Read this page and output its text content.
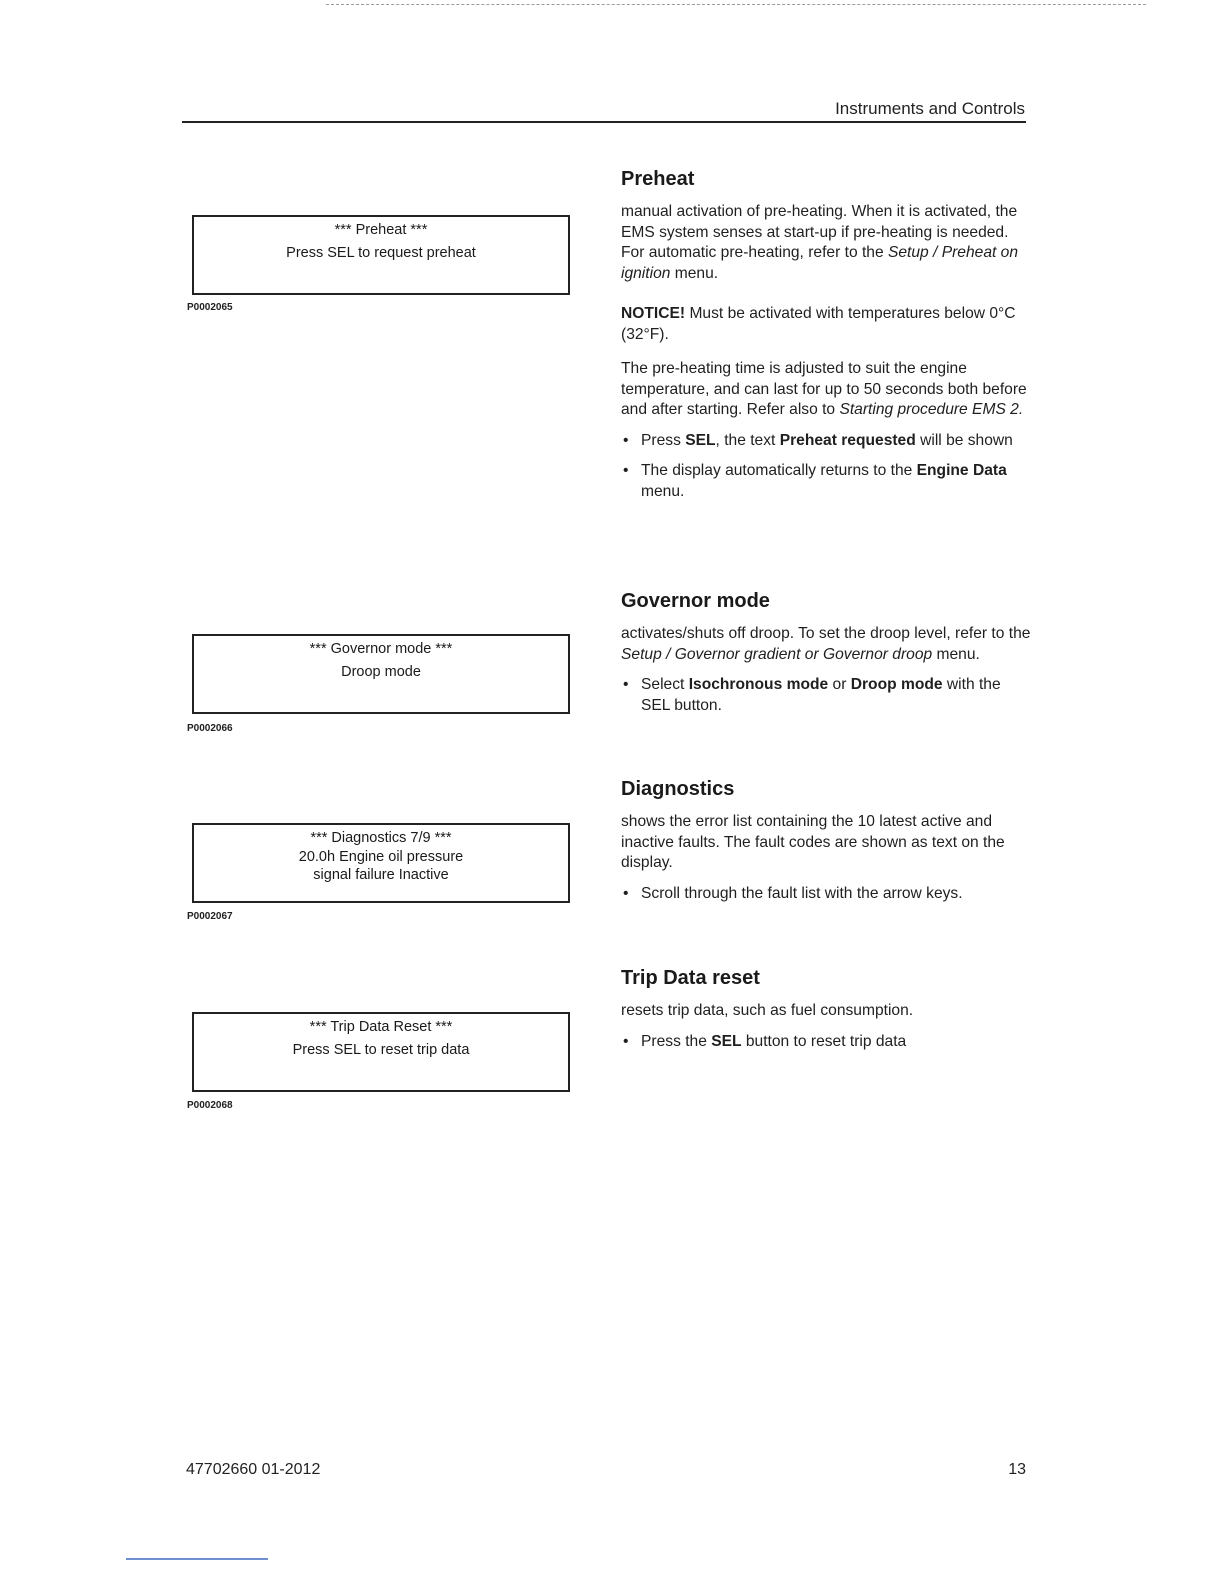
Instruments and Controls
*** Preheat ***
Press SEL to request preheat
P0002065
*** Governor mode ***
Droop mode
P0002066
*** Diagnostics 7/9 ***
20.0h Engine oil pressure
signal failure Inactive
P0002067
*** Trip Data Reset ***
Press SEL to reset trip data
P0002068
Preheat

manual activation of pre-heating. When it is activated, the EMS system senses at start-up if pre-heating is needed. For automatic pre-heating, refer to the Setup / Preheat on ignition menu.

NOTICE! Must be activated with temperatures below 0°C (32°F).

The pre-heating time is adjusted to suit the engine temperature, and can last for up to 50 seconds both before and after starting. Refer also to Starting procedure EMS 2.

• Press SEL, the text Preheat requested will be shown
• The display automatically returns to the Engine Data menu.
Governor mode

activates/shuts off droop. To set the droop level, refer to the Setup / Governor gradient or Governor droop menu.

• Select Isochronous mode or Droop mode with the SEL button.
Diagnostics

shows the error list containing the 10 latest active and inactive faults. The fault codes are shown as text on the display.

• Scroll through the fault list with the arrow keys.
Trip Data reset

resets trip data, such as fuel consumption.

• Press the SEL button to reset trip data
47702660 01-2012	13
